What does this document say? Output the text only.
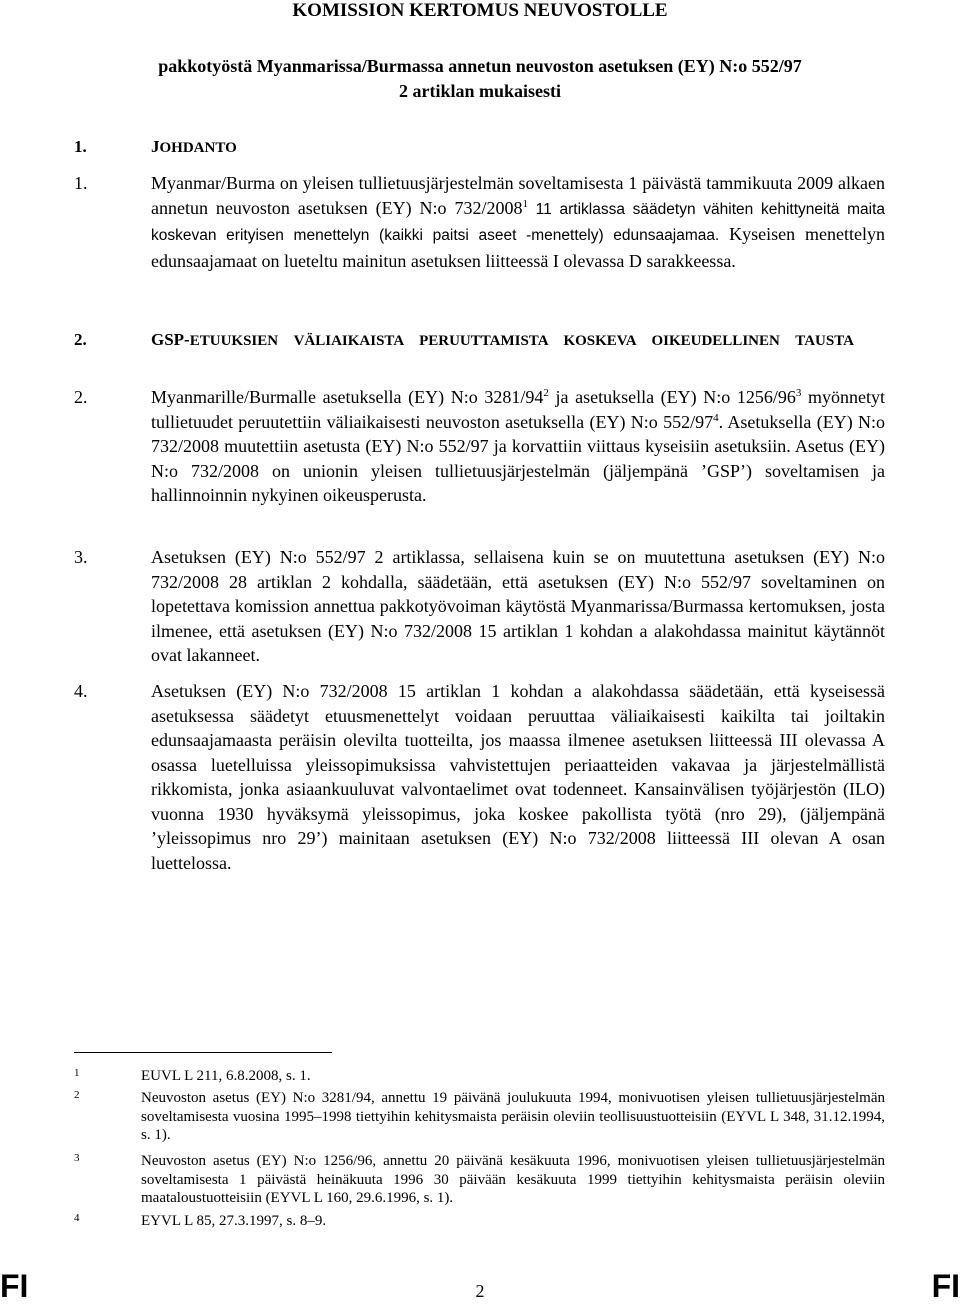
KOMISSION KERTOMUS NEUVOSTOLLE
pakkotyöstä Myanmarissa/Burmassa annetun neuvoston asetuksen (EY) N:o 552/97
2 artiklan mukaisesti
1.	JOHDANTO
1.	Myanmar/Burma on yleisen tullietuusjärjestelmän soveltamisesta 1 päivästä tammikuuta 2009 alkaen annetun neuvoston asetuksen (EY) N:o 732/2008$^1$ 11 artiklassa säädetyn vähiten kehittyneitä maita koskevan erityisen menettelyn (kaikki paitsi aseet -menettely) edunsaajamaa. Kyseisen menettelyn edunsaajamaat on lueteltu mainitun asetuksen liitteessä I olevassa D sarakkeessa.
2.	GSP-ETUUKSIEN VÄLIAIKAISTA PERUUTTAMISTA KOSKEVA OIKEUDELLINEN TAUSTA
2.	Myanmarille/Burmalle asetuksella (EY) N:o $3281/94^2$ ja asetuksella (EY) N:o $1256/96^3$ myönnetyt tullietuudet peruutettiin väliaikaisesti neuvoston asetuksella (EY) N:o $552/97^4$. Asetuksella (EY) N:o 732/2008 muutettiin asetusta (EY) N:o 552/97 ja korvattiin viittaus kyseisiin asetuksiin. Asetus (EY) N:o 732/2008 on unionin yleisen tullietuusjärjestelmän (jäljempänä ’GSP’) soveltamisen ja hallinnoinnin nykyinen oikeusperusta.
3.	Asetuksen (EY) N:o 552/97 2 artiklassa, sellaisena kuin se on muutettuna asetuksen (EY) N:o 732/2008 28 artiklan 2 kohdalla, säädetään, että asetuksen (EY) N:o 552/97 soveltaminen on lopetettava komission annettua pakkotyövoiman käytöstä Myanmarissa/Burmassa kertomuksen, josta ilmenee, että asetuksen (EY) N:o 732/2008 15 artiklan 1 kohdan a alakohdassa mainitut käytännöt ovat lakanneet.
4.	Asetuksen (EY) N:o 732/2008 15 artiklan 1 kohdan a alakohdassa säädetään, että kyseisessä asetuksessa säädetyt etuusmenettelyt voidaan peruuttaa väliaikaisesti kaikilta tai joiltakin edunsaajamaasta peräisin olevilta tuotteilta, jos maassa ilmenee asetuksen liitteessä III olevassa A osassa luetelluissa yleissopimuksissa vahvistettujen periaatteiden vakavaa ja järjestelmällistä rikkomista, jonka asiaankuuluvat valvontaelimet ovat todenneet. Kansainvälisen työjärjestön (ILO) vuonna 1930 hyväksymä yleissopimus, joka koskee pakollista työtä (nro 29), (jäljempänä ’yleissopimus nro 29’) mainitaan asetuksen (EY) N:o 732/2008 liitteessä III olevan A osan luettelossa.
1	EUVL L 211, 6.8.2008, s. 1.
2	Neuvoston asetus (EY) N:o 3281/94, annettu 19 päivänä joulukuuta 1994, monivuotisen yleisen tullietuusjärjestelmän soveltamisesta vuosina 1995–1998 tiettyihin kehitysmaista peräisin oleviin teollisuustuotteisiin (EYVL L 348, 31.12.1994, s. 1).
3	Neuvoston asetus (EY) N:o 1256/96, annettu 20 päivänä kesäkuuta 1996, monivuotisen yleisen tullietuusjärjestelmän soveltamisesta 1 päivästä heinäkuuta 1996 30 päivään kesäkuuta 1999 tiettyihin kehitysmaista peräisin oleviin maataloustuotteisiin (EYVL L 160, 29.6.1996, s. 1).
4	EYVL L 85, 27.3.1997, s. 8–9.
FI	2	FI
